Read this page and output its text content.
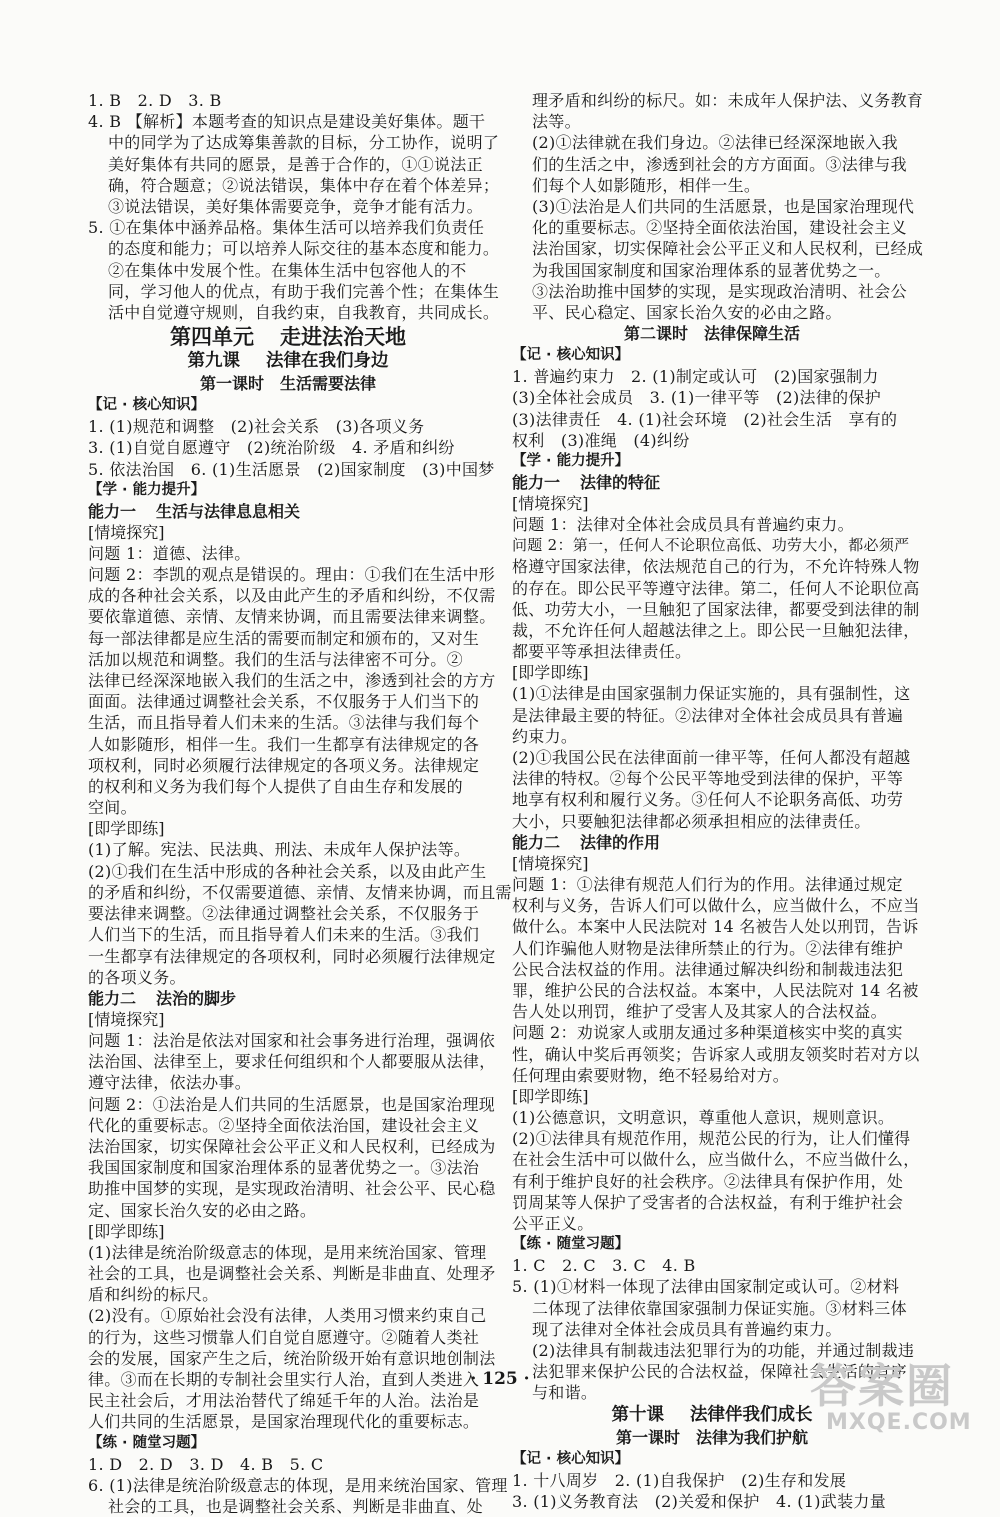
1. B　2. D　3. B
4. B 【解析】本题考查的知识点是建设美好集体。题干
中的同学为了达成筹集善款的目标，分工协作，说明了
美好集体有共同的愿景，是善于合作的，①①说法正
确，符合题意；②说法错误，集体中存在着个体差异；
③说法错误，美好集体需要竞争，竞争才能有活力。
5. ①在集体中涵养品格。集体生活可以培养我们负责任
的态度和能力；可以培养人际交往的基本态度和能力。
②在集体中发展个性。在集体生活中包容他人的不
同，学习他人的优点，有助于我们完善个性；在集体生
活中自觉遵守规则，自我约束，自我教育，共同成长。
第四单元 走进法治天地
第九课 法律在我们身边
第一课时　生活需要法律
【记 · 核心知识】
1. (1)规范和调整　(2)社会关系　(3)各项义务
3. (1)自觉自愿遵守　(2)统治阶级　4. 矛盾和纠纷
5. 依法治国　6. (1)生活愿景　(2)国家制度　(3)中国梦
【学 · 能力提升】
能力一 生活与法律息息相关
[情境探究]
问题 1：道德、法律。
问题 2：李凯的观点是错误的。理由：①我们在生活中形
成的各种社会关系，以及由此产生的矛盾和纠纷，不仅需
要依靠道德、亲情、友情来协调，而且需要法律来调整。
每一部法律都是应生活的需要而制定和颁布的，又对生
活加以规范和调整。我们的生活与法律密不可分。②
法律已经深深地嵌入我们的生活之中，渗透到社会的方方
面面。法律通过调整社会关系，不仅服务于人们当下的
生活，而且指导着人们未来的生活。③法律与我们每个
人如影随形，相伴一生。我们一生都享有法律规定的各
项权利，同时必须履行法律规定的各项义务。法律规定
的权利和义务为我们每个人提供了自由生存和发展的
空间。
[即学即练]
(1)了解。宪法、民法典、刑法、未成年人保护法等。
(2)①我们在生活中形成的各种社会关系，以及由此产生
的矛盾和纠纷，不仅需要道德、亲情、友情来协调，而且需
要法律来调整。②法律通过调整社会关系，不仅服务于
人们当下的生活，而且指导着人们未来的生活。③我们
一生都享有法律规定的各项权利，同时必须履行法律规定
的各项义务。
能力二 法治的脚步
[情境探究]
问题 1：法治是依法对国家和社会事务进行治理，强调依
法治国、法律至上，要求任何组织和个人都要服从法律，
遵守法律，依法办事。
问题 2：①法治是人们共同的生活愿景，也是国家治理现
代化的重要标志。②坚持全面依法治国，建设社会主义
法治国家，切实保障社会公平正义和人民权利，已经成为
我国国家制度和国家治理体系的显著优势之一。③法治
助推中国梦的实现，是实现政治清明、社会公平、民心稳
定、国家长治久安的必由之路。
[即学即练]
(1)法律是统治阶级意志的体现，是用来统治国家、管理
社会的工具，也是调整社会关系、判断是非曲直、处理矛
盾和纠纷的标尺。
(2)没有。①原始社会没有法律，人类用习惯来约束自己
的行为，这些习惯靠人们自觉自愿遵守。②随着人类社
会的发展，国家产生之后，统治阶级开始有意识地创制法
律。③而在长期的专制社会里实行人治，直到人类进入
民主社会后，才用法治替代了绵延千年的人治。法治是
人们共同的生活愿景，是国家治理现代化的重要标志。
【练 · 随堂习题】
1. D　2. D　3. D　4. B　5. C
6. (1)法律是统治阶级意志的体现，是用来统治国家、管理
社会的工具，也是调整社会关系、判断是非曲直、处
理矛盾和纠纷的标尺。如：未成年人保护法、义务教育
法等。
(2)①法律就在我们身边。②法律已经深深地嵌入我
们的生活之中，渗透到社会的方方面面。③法律与我
们每个人如影随形，相伴一生。
(3)①法治是人们共同的生活愿景，也是国家治理现代
化的重要标志。②坚持全面依法治国，建设社会主义
法治国家，切实保障社会公平正义和人民权利，已经成
为我国国家制度和国家治理体系的显著优势之一。
③法治助推中国梦的实现，是实现政治清明、社会公
平、民心稳定、国家长治久安的必由之路。
第二课时　法律保障生活
【记 · 核心知识】
1. 普遍约束力　2. (1)制定或认可　(2)国家强制力
(3)全体社会成员　3. (1)一律平等　(2)法律的保护
(3)法律责任　4. (1)社会环境　(2)社会生活　享有的
权利　(3)准绳　(4)纠纷
【学 · 能力提升】
能力一 法律的特征
[情境探究]
问题 1：法律对全体社会成员具有普遍约束力。
问题 2：第一，任何人不论职位高低、功劳大小，都必须严
格遵守国家法律，依法规范自己的行为，不允许特殊人物
的存在。即公民平等遵守法律。第二，任何人不论职位高
低、功劳大小，一旦触犯了国家法律，都要受到法律的制
裁，不允许任何人超越法律之上。即公民一旦触犯法律，
都要平等承担法律责任。
[即学即练]
(1)①法律是由国家强制力保证实施的，具有强制性，这
是法律最主要的特征。②法律对全体社会成员具有普遍
约束力。
(2)①我国公民在法律面前一律平等，任何人都没有超越
法律的特权。②每个公民平等地受到法律的保护，平等
地享有权利和履行义务。③任何人不论职务高低、功劳
大小，只要触犯法律都必须承担相应的法律责任。
能力二 法律的作用
[情境探究]
问题 1：①法律有规范人们行为的作用。法律通过规定
权利与义务，告诉人们可以做什么，应当做什么，不应当
做什么。本案中人民法院对 14 名被告人处以刑罚，告诉
人们诈骗他人财物是法律所禁止的行为。②法律有维护
公民合法权益的作用。法律通过解决纠纷和制裁违法犯
罪，维护公民的合法权益。本案中，人民法院对 14 名被
告人处以刑罚，维护了受害人及其家人的合法权益。
问题 2：劝说家人或朋友通过多种渠道核实中奖的真实
性，确认中奖后再领奖；告诉家人或朋友领奖时若对方以
任何理由索要财物，绝不轻易给对方。
[即学即练]
(1)公德意识，文明意识，尊重他人意识，规则意识。
(2)①法律具有规范作用，规范公民的行为，让人们懂得
在社会生活中可以做什么，应当做什么，不应当做什么，
有利于维护良好的社会秩序。②法律具有保护作用，处
罚周某等人保护了受害者的合法权益，有利于维护社会
公平正义。
【练 · 随堂习题】
1. C　2. C　3. C　4. B
5. (1)①材料一体现了法律由国家制定或认可。②材料
二体现了法律依靠国家强制力保证实施。③材料三体
现了法律对全体社会成员具有普遍约束力。
(2)法律具有制裁违法犯罪行为的功能，并通过制裁违
法犯罪来保护公民的合法权益，保障社会生活的有序
与和谐。
第十课 法律伴我们成长
第一课时　法律为我们护航
【记 · 核心知识】
1. 十八周岁　2. (1)自我保护　(2)生存和发展
3. (1)义务教育法　(2)关爱和保护　4. (1)武装力量
· 125 ·	答案圈
MXQE.COM
